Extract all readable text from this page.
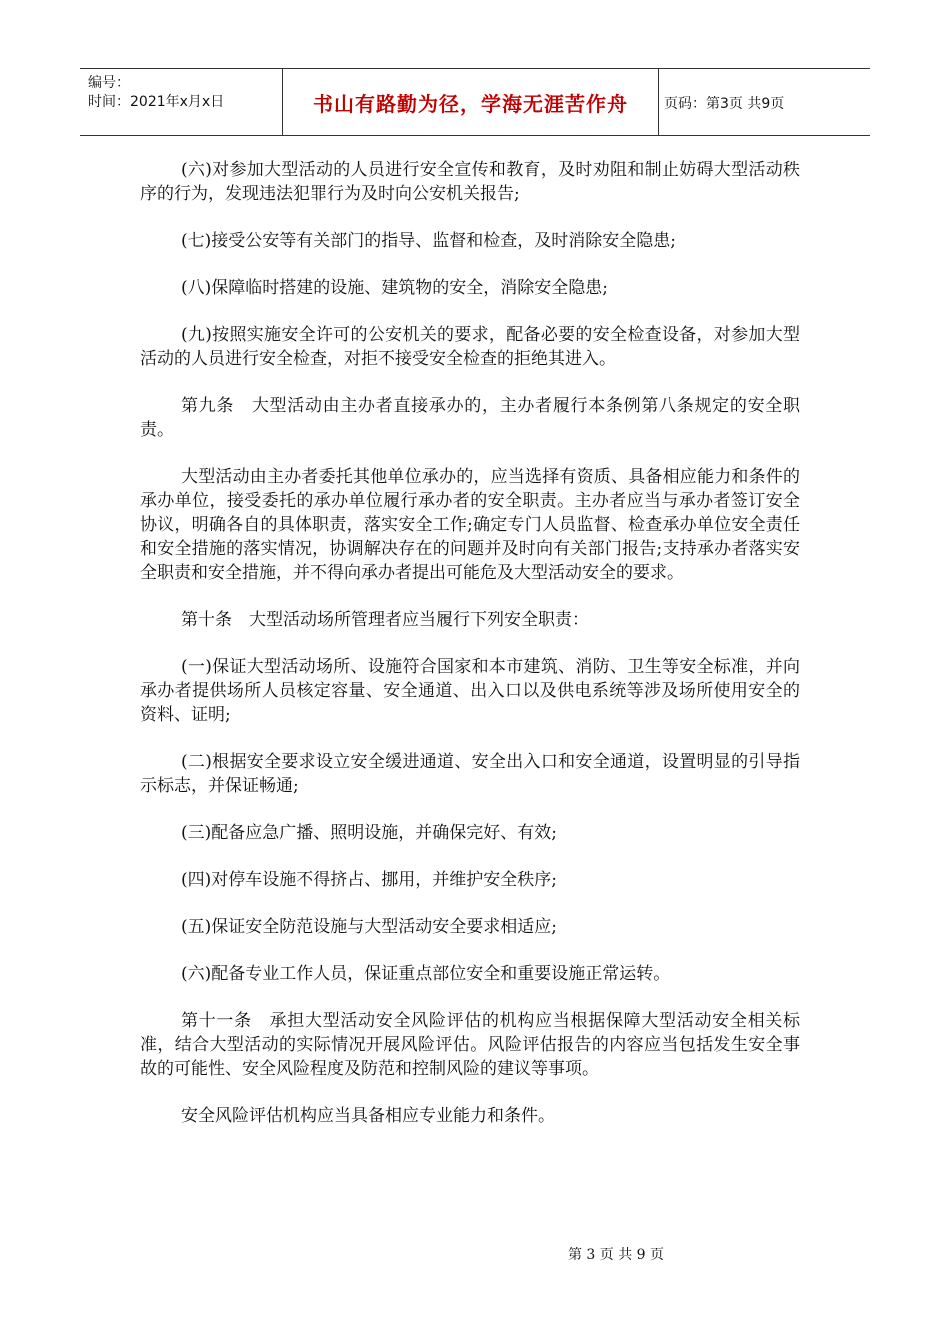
编号：
时间：2021年x月x日	书山有路勤为径，学海无涯苦作舟	页码：第3页 共9页

(六)对参加大型活动的人员进行安全宣传和教育，及时劝阻和制止妨碍大型活动秩序的行为，发现违法犯罪行为及时向公安机关报告;

(七)接受公安等有关部门的指导、监督和检查，及时消除安全隐患;

(八)保障临时搭建的设施、建筑物的安全，消除安全隐患;

(九)按照实施安全许可的公安机关的要求，配备必要的安全检查设备，对参加大型活动的人员进行安全检查，对拒不接受安全检查的拒绝其进入。

第九条　大型活动由主办者直接承办的，主办者履行本条例第八条规定的安全职责。

大型活动由主办者委托其他单位承办的，应当选择有资质、具备相应能力和条件的承办单位，接受委托的承办单位履行承办者的安全职责。主办者应当与承办者签订安全协议，明确各自的具体职责，落实安全工作;确定专门人员监督、检查承办单位安全责任和安全措施的落实情况，协调解决存在的问题并及时向有关部门报告;支持承办者落实安全职责和安全措施，并不得向承办者提出可能危及大型活动安全的要求。

第十条　大型活动场所管理者应当履行下列安全职责：

(一)保证大型活动场所、设施符合国家和本市建筑、消防、卫生等安全标准，并向承办者提供场所人员核定容量、安全通道、出入口以及供电系统等涉及场所使用安全的资料、证明;

(二)根据安全要求设立安全缓进通道、安全出入口和安全通道，设置明显的引导指示标志，并保证畅通;

(三)配备应急广播、照明设施，并确保完好、有效;

(四)对停车设施不得挤占、挪用，并维护安全秩序;

(五)保证安全防范设施与大型活动安全要求相适应;

(六)配备专业工作人员，保证重点部位安全和重要设施正常运转。

第十一条　承担大型活动安全风险评估的机构应当根据保障大型活动安全相关标准，结合大型活动的实际情况开展风险评估。风险评估报告的内容应当包括发生安全事故的可能性、安全风险程度及防范和控制风险的建议等事项。

安全风险评估机构应当具备相应专业能力和条件。

第 3 页 共 9 页
